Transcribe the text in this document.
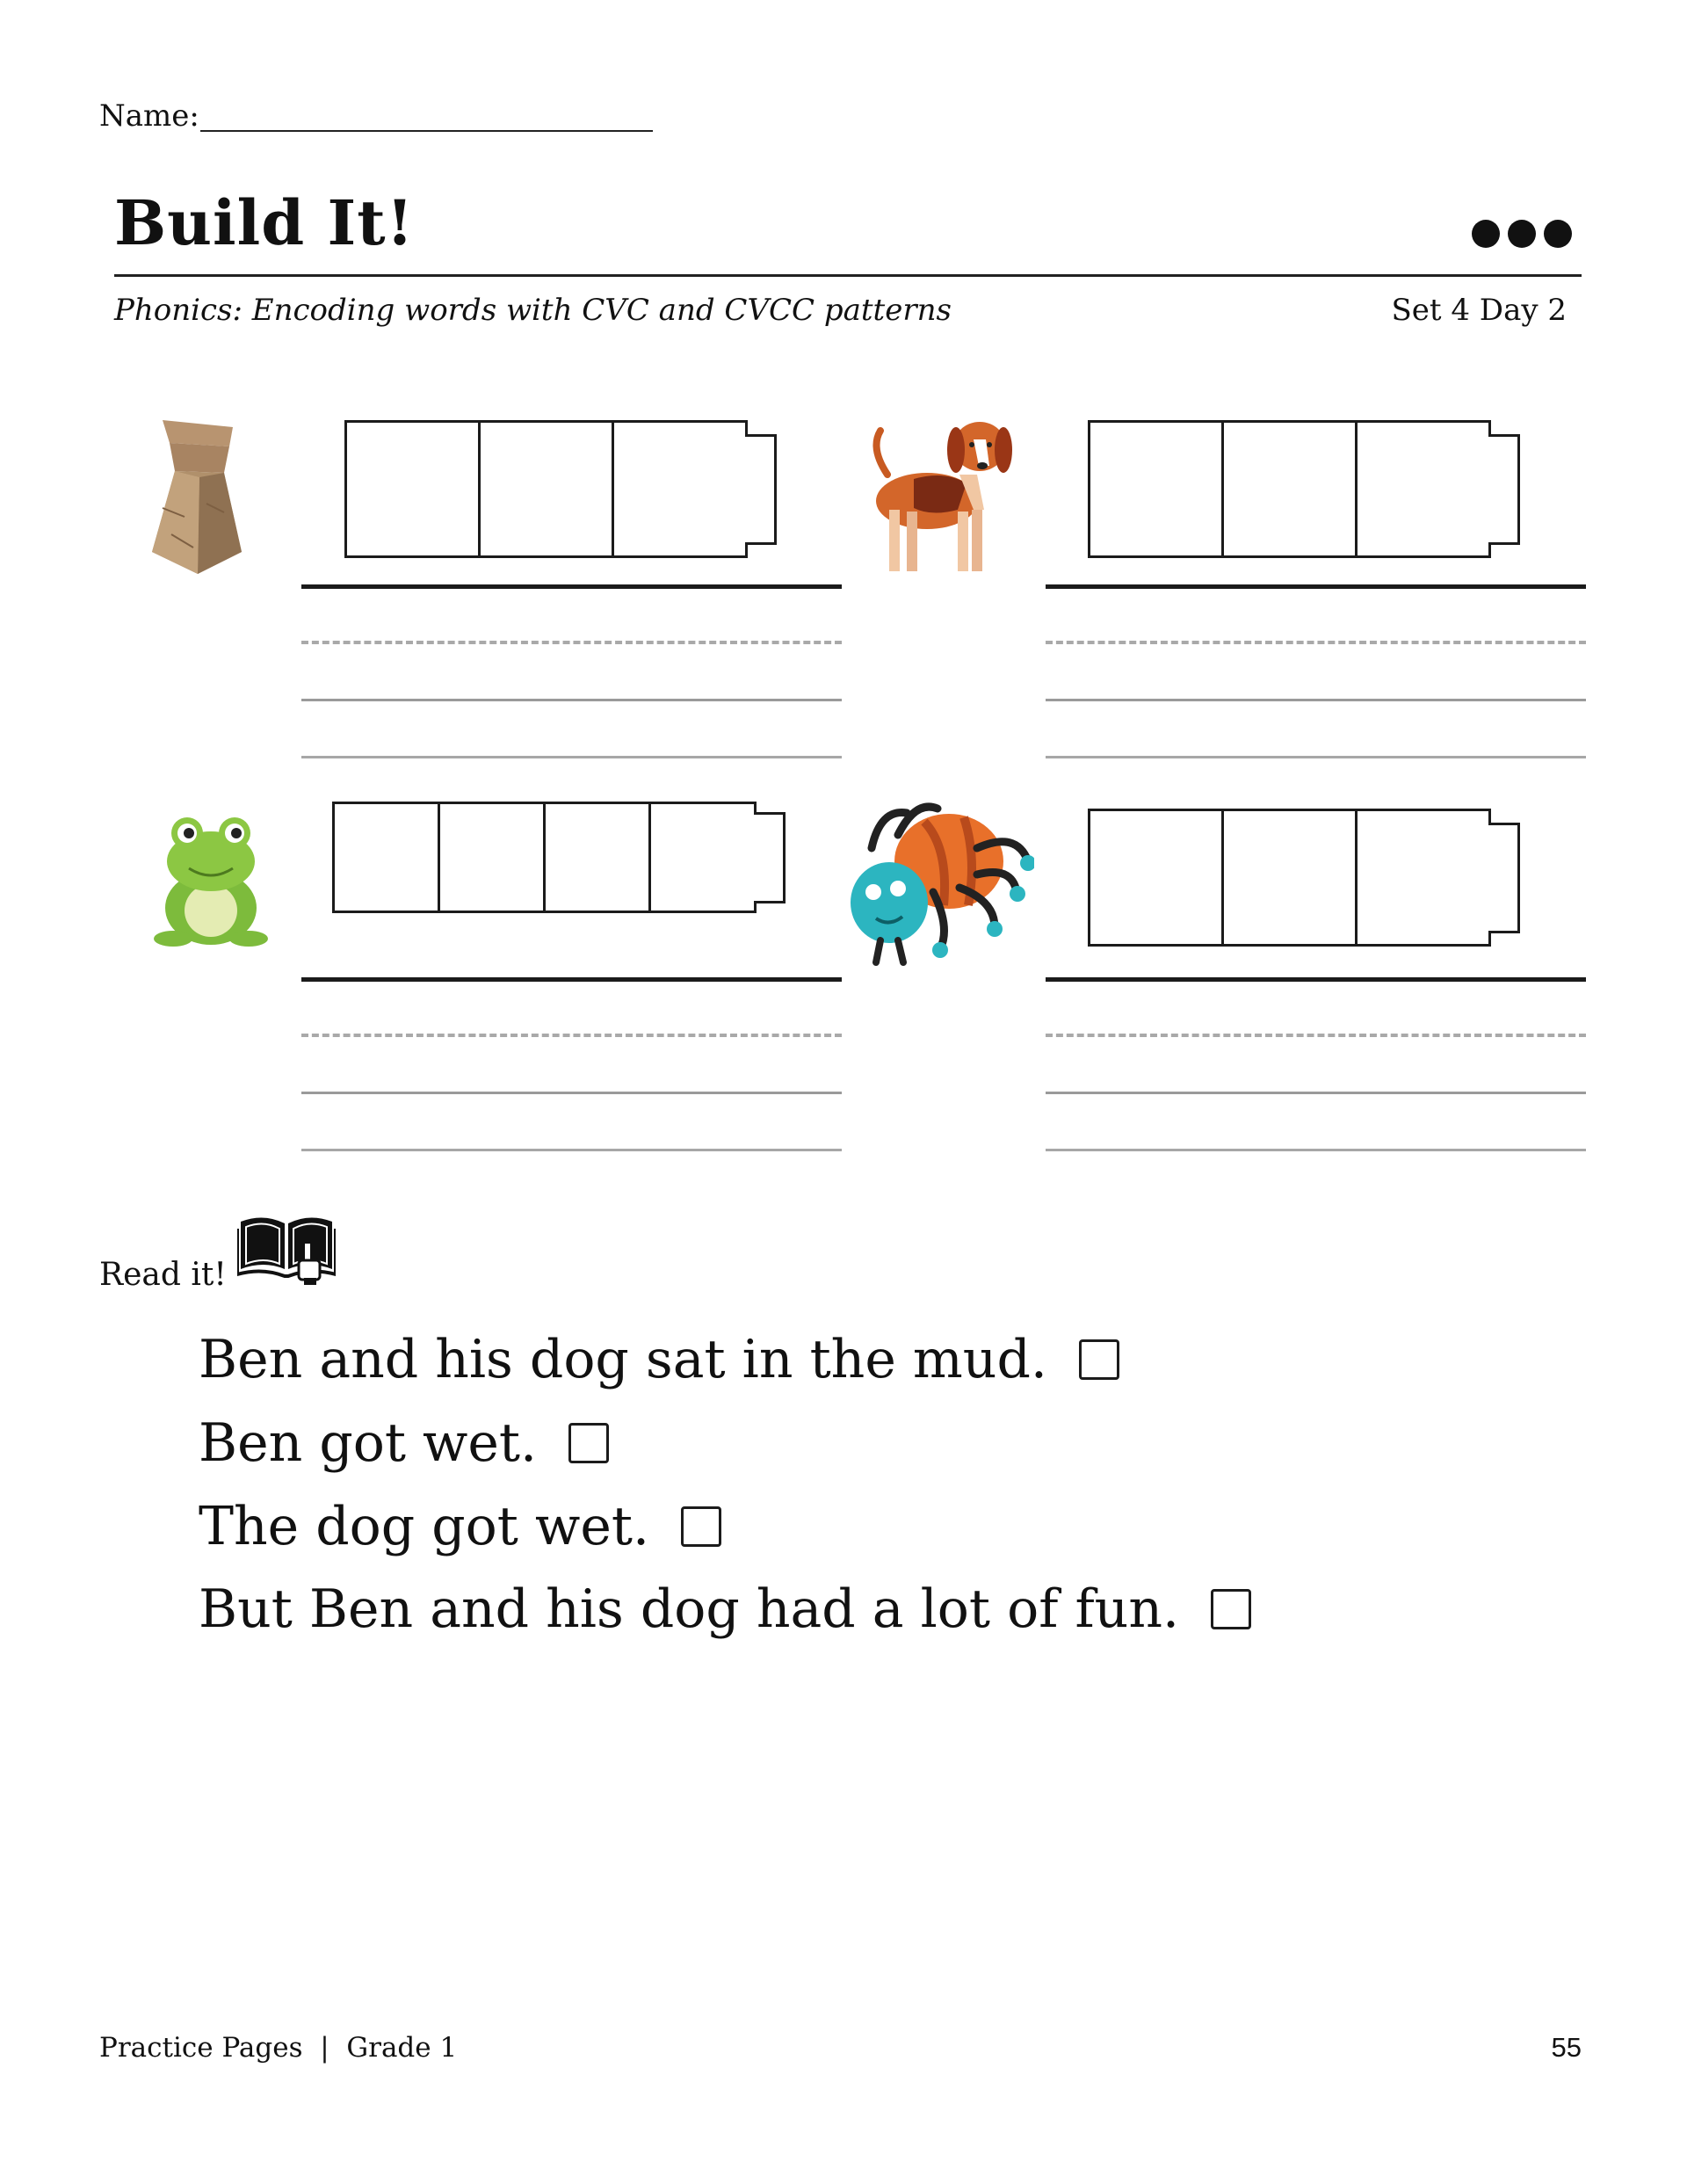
Name:
Build It!
Phonics: Encoding words with CVC and CVCC patterns	Set 4 Day 2
Read it!
Ben and his dog sat in the mud.
Ben got wet.
The dog got wet.
But Ben and his dog had a lot of fun.
Practice Pages  |  Grade 1	55
